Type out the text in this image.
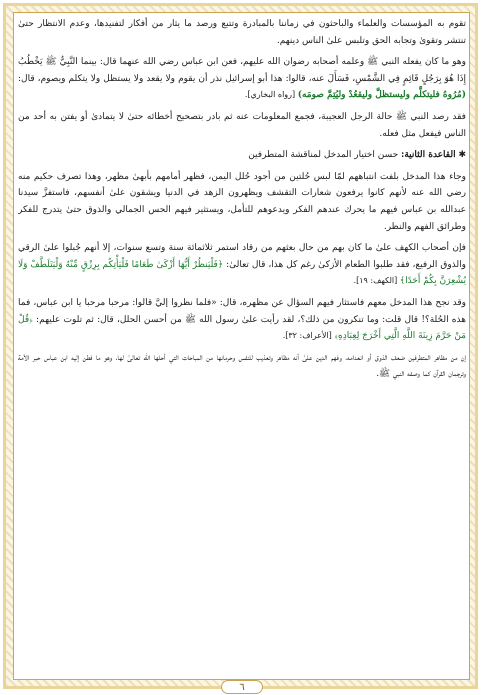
تقوم به المؤسسات والعلماء والباحثون في زماننا بالمبادرة وتتبع ورصد ما يثار من أفكار لتفنيدها، وعدم الانتظار حتىٰ تنتشر وتقوىٰ وتجابه الحق وتلبس علىٰ الناس دينهم.

وهو ما كان يفعله النبي ﷺ وعلمه أصحابه رضوان الله عليهم، فعن ابن عباس رضي الله عنهما قال: بينما النَّبِيُّ ﷺ يَخْطُبُ إِذَا هُوَ بِرَجُلٍ قَائِمٍ فِي الشَّمْسِ، فَسَأَلَ عنه، قالوا: هذا أبو إسرائيل نذر أن يقوم ولا يقعد ولا يستظل ولا يتكلم ويصوم، قال: (مُرُوهُ فليتكلَّم وليستظلَّ وليقعُدْ وليُتِمَّ صومَه) [رواه البخاري].

فقد رصد النبي ﷺ حالة الرجل العجيبة، فجمع المعلومات عنه ثم بادر بتصحيح أخطائه حتىٰ لا يتمادىٰ أو يفتن به أحد من الناس فيفعل مثل فعله.

✱ القاعدة الثانية: حسن اختيار المدخل لمناقشة المتطرفين

وجاء هذا المدخل بلفت انتباههم لمّا لبس حُلتين من أجود حُلل اليمن، فظهر أمامهم بأبهىٰ مظهر، وهذا تصرف حكيم منه رضي الله عنه لأنهم كانوا يرفعون شعارات التقشف ويظهرون الزهد في الدنيا ويشقون علىٰ أنفسهم، فاستفزَّ سيدنا عبدالله بن عباس فيهم ما يحرك عندهم الفكر ويدعوهم للتأمل، ويستثير فيهم الحس الجمالي والذوق حتىٰ يتدرج للفكر وطرائق الفهم والنظر.

فإن أصحاب الكهف علىٰ ما كان بهم من حال بعثهم من رقاد استمر ثلاثمائة سنة وتسع سنوات، إلا أنهم جُبلوا علىٰ الرقي والذوق الرفيع، فقد طلبوا الطعام الأزكىٰ رغم كل هذا، قال تعالىٰ: ﴿فَلْيَنظُرْ أَيُّهَا أَزْكَىٰ طَعَامًا فَلْيَأْتِكُم بِرِزْقٍ مِّنْهُ وَلْيَتَلَطَّفْ وَلَا يُشْعِرَنَّ بِكُمْ أَحَدًا﴾ [الكهف: ١٩].

وقد نجح هذا المدخل معهم فاستثار فيهم السؤال عن مظهره، قال: «فلما نظروا إليَّ قالوا: مرحبا مرحبا يا ابن عباس، فما هذه الحُلة؟! قال قلت: وما تنكرون من ذلك؟، لقد رأيت علىٰ رسول الله ﷺ من أحسن الحلل، قال: ثم تلوت عليهم: ﴿قُلْ مَنْ حَرَّمَ زِينَةَ اللَّهِ الَّتِي أَخْرَجَ لِعِبَادِهِ﴾ [الأعراف: ٣٢].

إن من مظاهر المتطرفين ضعف الذوق أو انعدامه، وفهم الدين علىٰ أنه مظاهر وتعذيب للنفس وحرمانها من المباحات التي أحلها الله تعالىٰ لها، وهو ما فطن إليه ابن عباس حبر الأمة وترجمان القرآن كما وصفه النبي ﷺ.

٦
